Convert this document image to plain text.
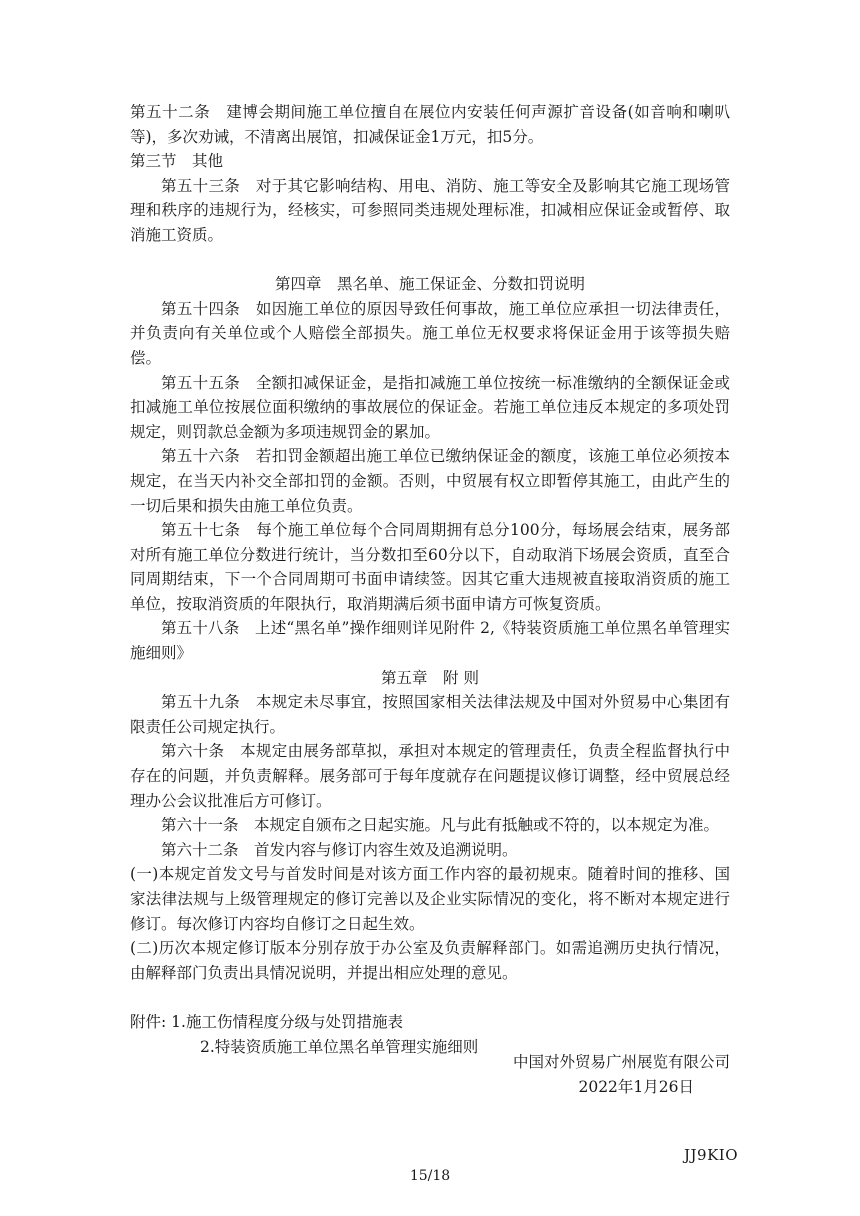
第五十二条　建博会期间施工单位擅自在展位内安装任何声源扩音设备(如音响和喇叭等)，多次劝诫，不清离出展馆，扣减保证金1万元，扣5分。

第三节　其他

第五十三条　对于其它影响结构、用电、消防、施工等安全及影响其它施工现场管理和秩序的违规行为，经核实，可参照同类违规处理标准，扣减相应保证金或暂停、取消施工资质。

第四章　黑名单、施工保证金、分数扣罚说明

第五十四条　如因施工单位的原因导致任何事故，施工单位应承担一切法律责任，并负责向有关单位或个人赔偿全部损失。施工单位无权要求将保证金用于该等损失赔偿。

第五十五条　全额扣减保证金，是指扣减施工单位按统一标准缴纳的全额保证金或扣减施工单位按展位面积缴纳的事故展位的保证金。若施工单位违反本规定的多项处罚规定，则罚款总金额为多项违规罚金的累加。

第五十六条　若扣罚金额超出施工单位已缴纳保证金的额度，该施工单位必须按本规定，在当天内补交全部扣罚的金额。否则，中贸展有权立即暂停其施工，由此产生的一切后果和损失由施工单位负责。

第五十七条　每个施工单位每个合同周期拥有总分100分，每场展会结束，展务部对所有施工单位分数进行统计，当分数扣至60分以下，自动取消下场展会资质，直至合同周期结束，下一个合同周期可书面申请续签。因其它重大违规被直接取消资质的施工单位，按取消资质的年限执行，取消期满后须书面申请方可恢复资质。

第五十八条　上述“黑名单”操作细则详见附件 2,《特装资质施工单位黑名单管理实施细则》

第五章　附 则

第五十九条　本规定未尽事宜，按照国家相关法律法规及中国对外贸易中心集团有限责任公司规定执行。

第六十条　本规定由展务部草拟，承担对本规定的管理责任，负责全程监督执行中存在的问题，并负责解释。展务部可于每年度就存在问题提议修订调整，经中贸展总经理办公会议批准后方可修订。

第六十一条　本规定自颁布之日起实施。凡与此有抵触或不符的，以本规定为准。

第六十二条　首发内容与修订内容生效及追溯说明。

(一)本规定首发文号与首发时间是对该方面工作内容的最初规束。随着时间的推移、国家法律法规与上级管理规定的修订完善以及企业实际情况的变化，将不断对本规定进行修订。每次修订内容均自修订之日起生效。

(二)历次本规定修订版本分别存放于办公室及负责解释部门。如需追溯历史执行情况，由解释部门负责出具情况说明，并提出相应处理的意见。

附件: 1.施工伤情程度分级与处罚措施表
2.特装资质施工单位黑名单管理实施细则

中国对外贸易广州展览有限公司
2022年1月26日
JJ9KIO
15/18
